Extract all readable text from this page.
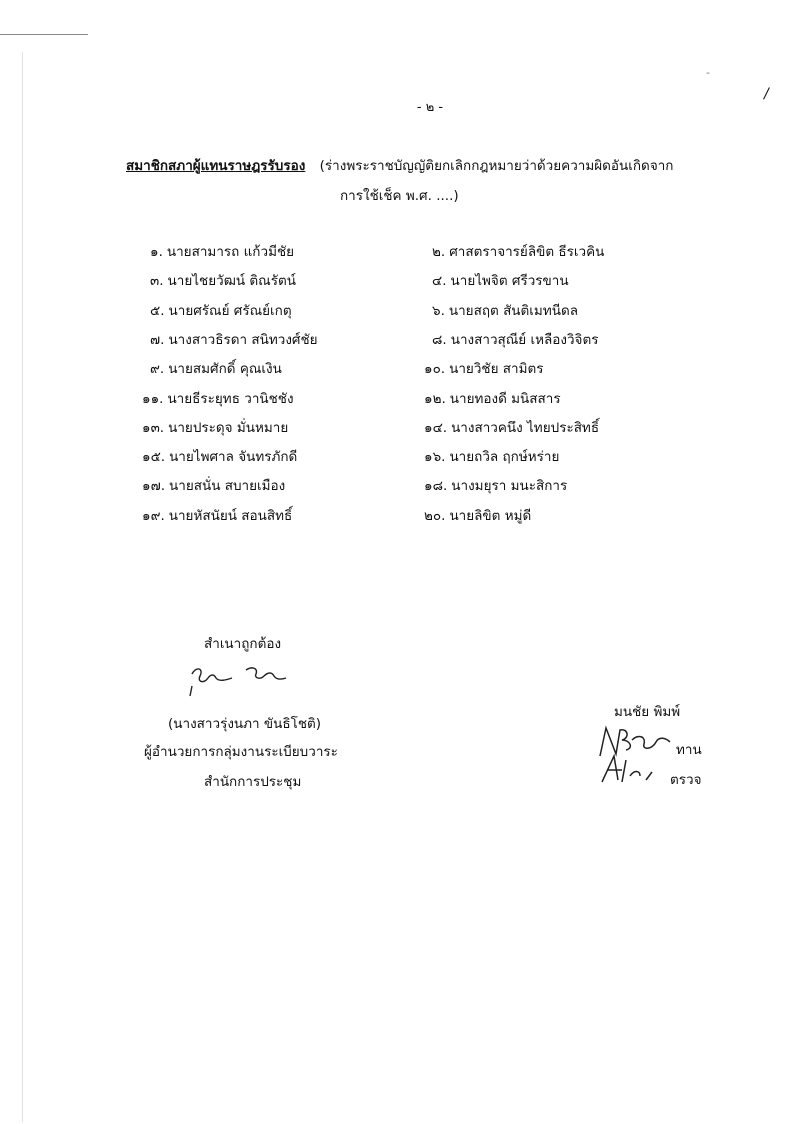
-
/
- ๒ -
สมาชิกสภาผู้แทนราษฎรรับรอง (ร่างพระราชบัญญัติยกเลิกกฎหมายว่าด้วยความผิดอันเกิดจาก
การใช้เช็ค พ.ศ. ....)
๑. นายสามารถ แก้วมีชัย	๒. ศาสตราจารย์ลิขิต ธีรเวคิน
๓. นายไชยวัฒน์ ติณรัตน์	๔. นายไพจิต ศรีวรขาน
๕. นายศรัณย์ ศรัณย์เกตุ	๖. นายสฤต สันติเมทนีดล
๗. นางสาวธิรดา สนิทวงศ์ชัย	๘. นางสาวสุณีย์ เหลืองวิจิตร
๙. นายสมศักดิ์ คุณเงิน	๑๐. นายวิชัย สามิตร
๑๑. นายธีระยุทธ วานิชชัง	๑๒. นายทองดี มนิสสาร
๑๓. นายประดุจ มั่นหมาย	๑๔. นางสาวคนึง ไทยประสิทธิ์
๑๕. นายไพศาล จันทรภักดี	๑๖. นายถวิล ฤกษ์หร่าย
๑๗. นายสนั่น สบายเมือง	๑๘. นางมยุรา มนะสิการ
๑๙. นายหัสนัยน์ สอนสิทธิ์	๒๐. นายลิขิต หมู่ดี
สำเนาถูกต้อง
(นางสาวรุ่งนภา ขันธิโชติ)
ผู้อำนวยการกลุ่มงานระเบียบวาระ
สำนักการประชุม
มนชัย พิมพ์
ทาน
ตรวจ
